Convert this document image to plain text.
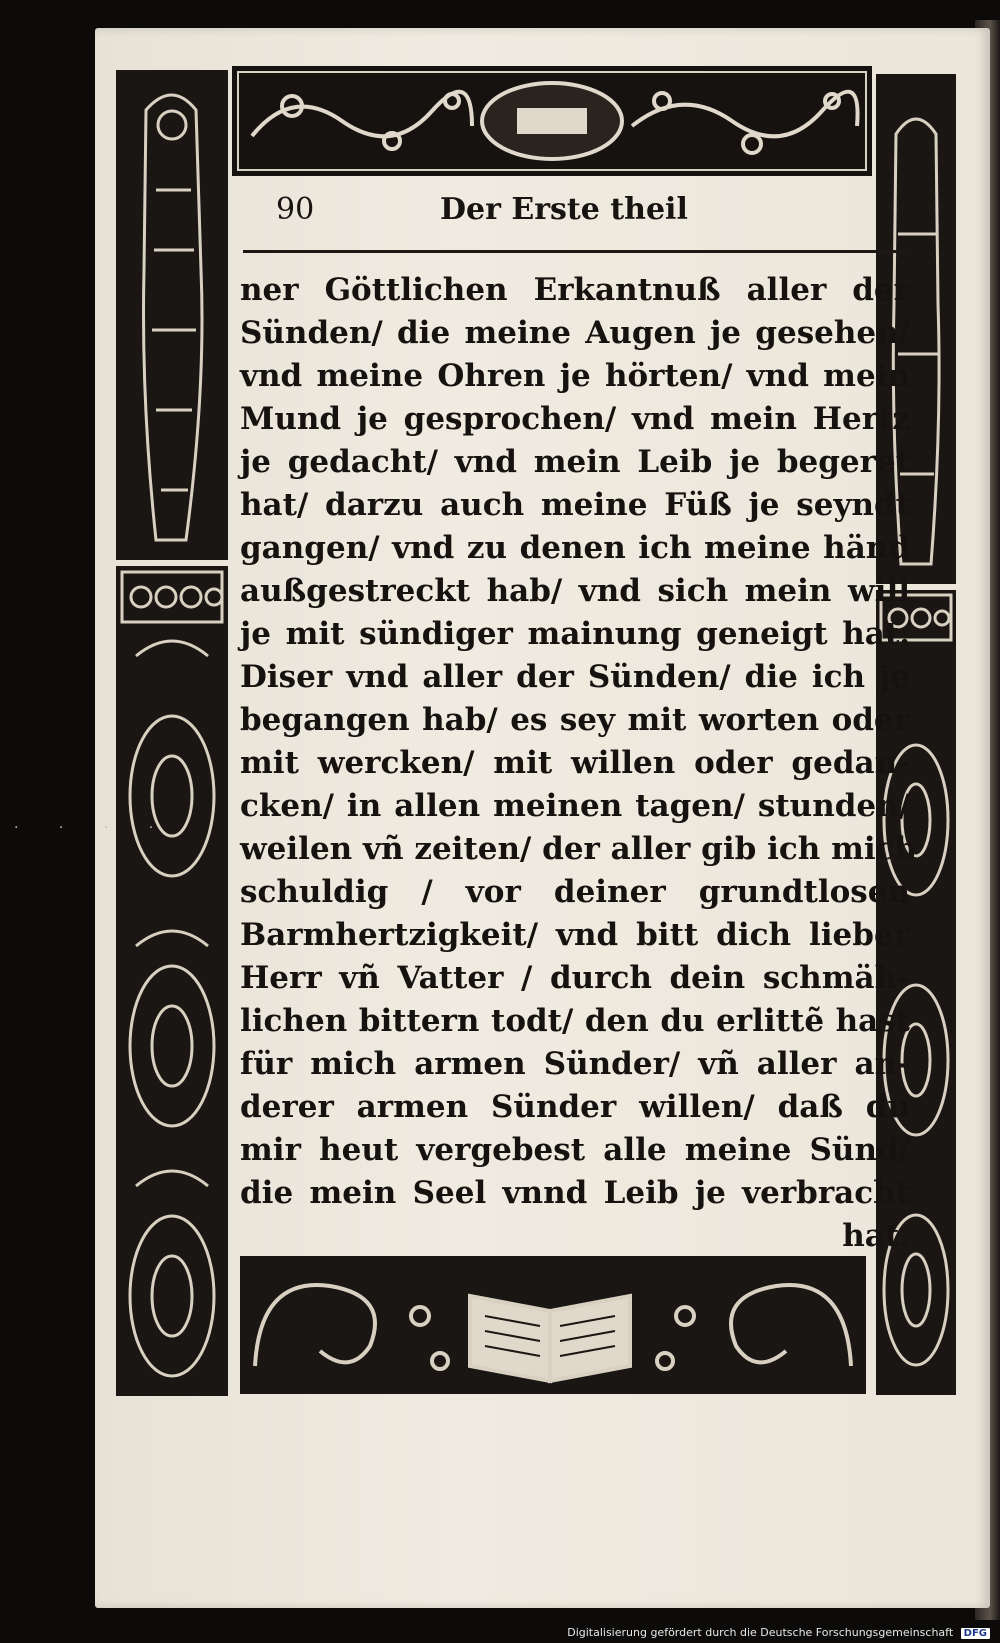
· · · ·
90	Der Erste theil
ner Göttlichen Erkantnuß aller der
Sünden/ die meine Augen je gesehen/
vnd meine Ohren je hörten/ vnd mein
Mund je gesprochen/ vnd mein Hertz
je gedacht/ vnd mein Leib je begeret
hat/ darzu auch meine Füß je seyndt
gangen/ vnd zu denen ich meine händ
außgestreckt hab/ vnd sich mein will
je mit sündiger mainung geneigt hat.
Diser vnd aller der Sünden/ die ich je
begangen hab/ es sey mit worten oder
mit wercken/ mit willen oder gedan-
cken/ in allen meinen tagen/ stunden/
weilen vñ zeiten/ der aller gib ich mich
schuldig / vor deiner grundtlosen
Barmhertzigkeit/ vnd bitt dich lieber
Herr vñ Vatter / durch dein schmäh-
lichen bittern todt/ den du erlittẽ hast
für mich armen Sünder/ vñ aller an-
derer armen Sünder willen/ daß du
mir heut vergebest alle meine Sünd/
die mein Seel vnnd Leib je verbracht
hat.
Digitalisierung gefördert durch die Deutsche Forschungsgemeinschaft DFG
